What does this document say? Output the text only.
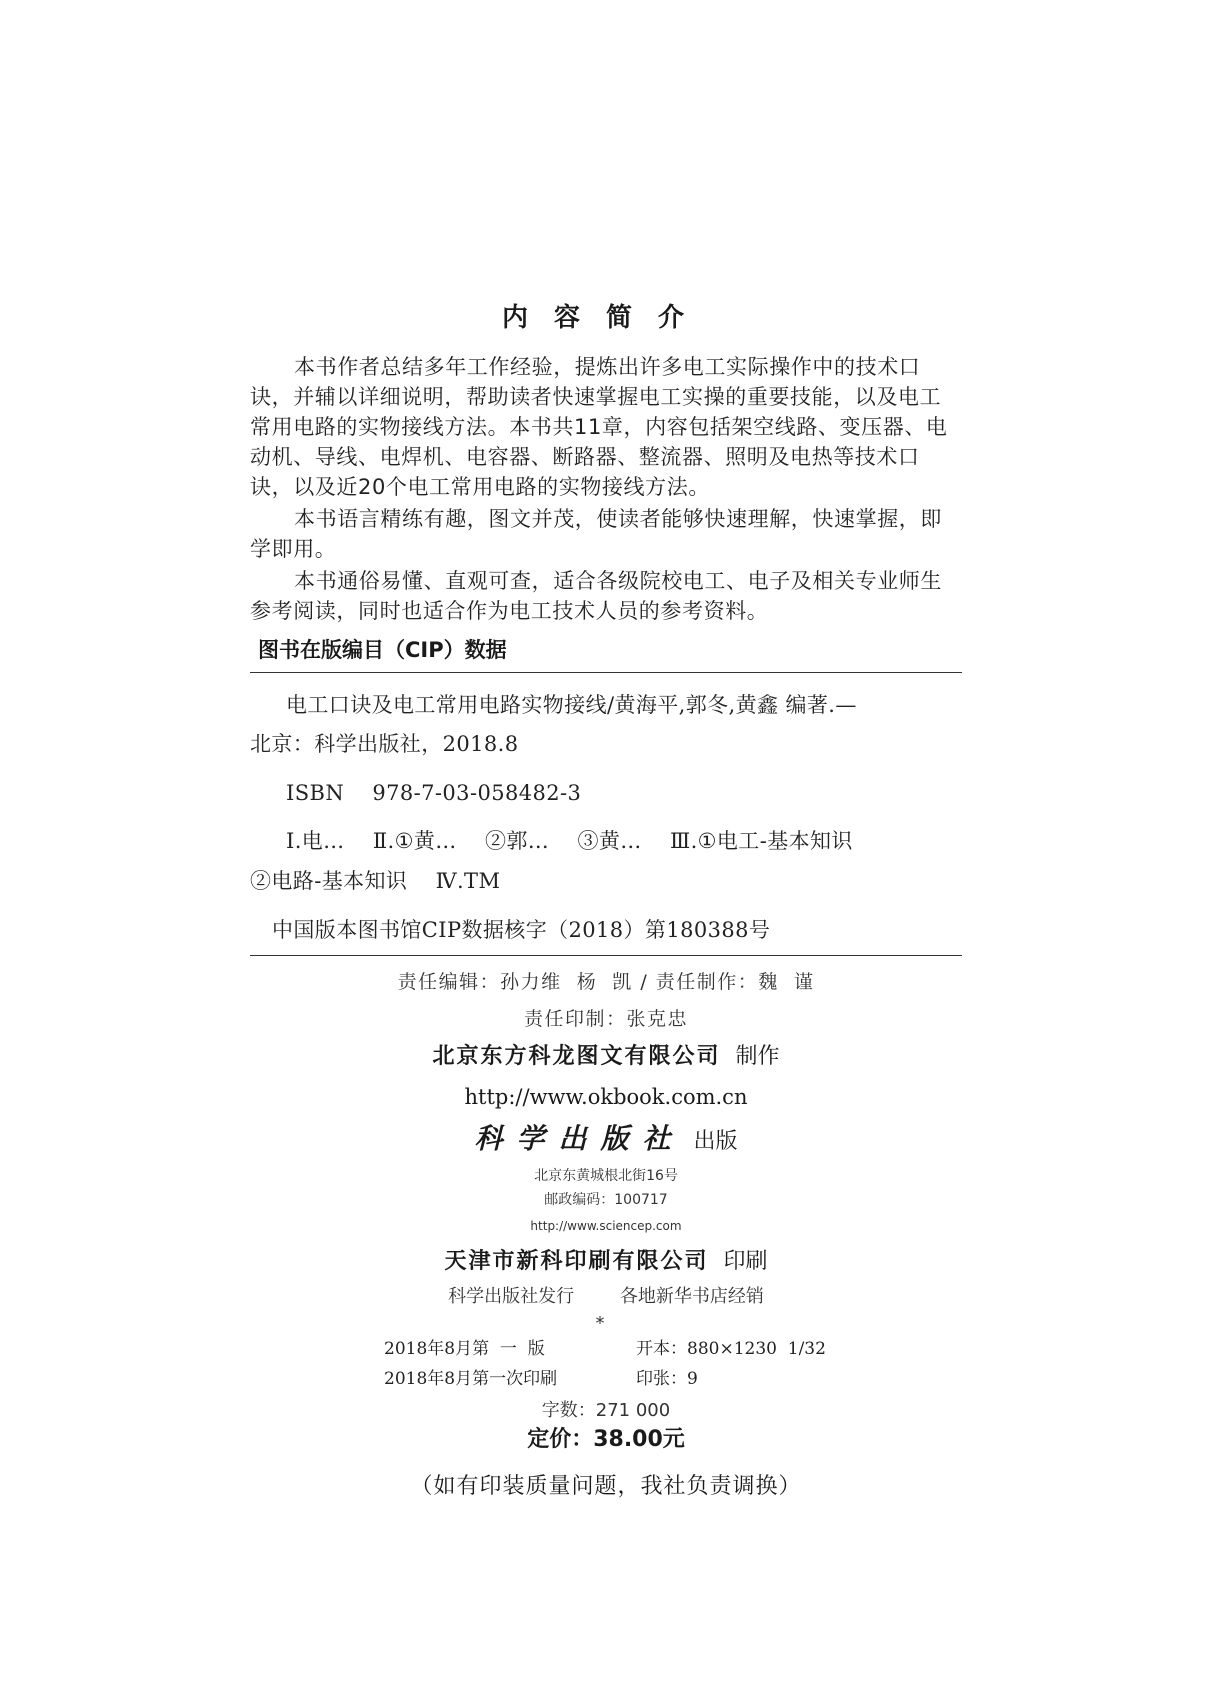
内容简介

本书作者总结多年工作经验，提炼出许多电工实际操作中的技术口诀，并辅以详细说明，帮助读者快速掌握电工实操的重要技能，以及电工常用电路的实物接线方法。本书共11章，内容包括架空线路、变压器、电动机、导线、电焊机、电容器、断路器、整流器、照明及电热等技术口诀，以及近20个电工常用电路的实物接线方法。

本书语言精练有趣，图文并茂，使读者能够快速理解，快速掌握，即学即用。

本书通俗易懂、直观可查，适合各级院校电工、电子及相关专业师生参考阅读，同时也适合作为电工技术人员的参考资料。

图书在版编目（CIP）数据
电工口诀及电工常用电路实物接线/黄海平,郭冬,黄鑫 编著.—
北京：科学出版社，2018.8
ISBN    978-7-03-058482-3
Ⅰ.电…    Ⅱ.①黄…    ②郭…    ③黄…    Ⅲ.①电工-基本知识
②电路-基本知识    Ⅳ.TM
中国版本图书馆CIP数据核字（2018）第180388号
责任编辑：孙力维  杨  凯 / 责任制作：魏  谨
责任印制：张克忠
北京东方科龙图文有限公司 制作
http://www.okbook.com.cn
科学出版社 出版
北京东黄城根北街16号
邮政编码：100717
http://www.sciencep.com
天津市新科印刷有限公司 印刷
科学出版社发行        各地新华书店经销
*
2018年8月第  一  版	开本：880×1230  1/32
2018年8月第一次印刷	印张：9
字数：271 000
定价：38.00元
（如有印装质量问题，我社负责调换）
